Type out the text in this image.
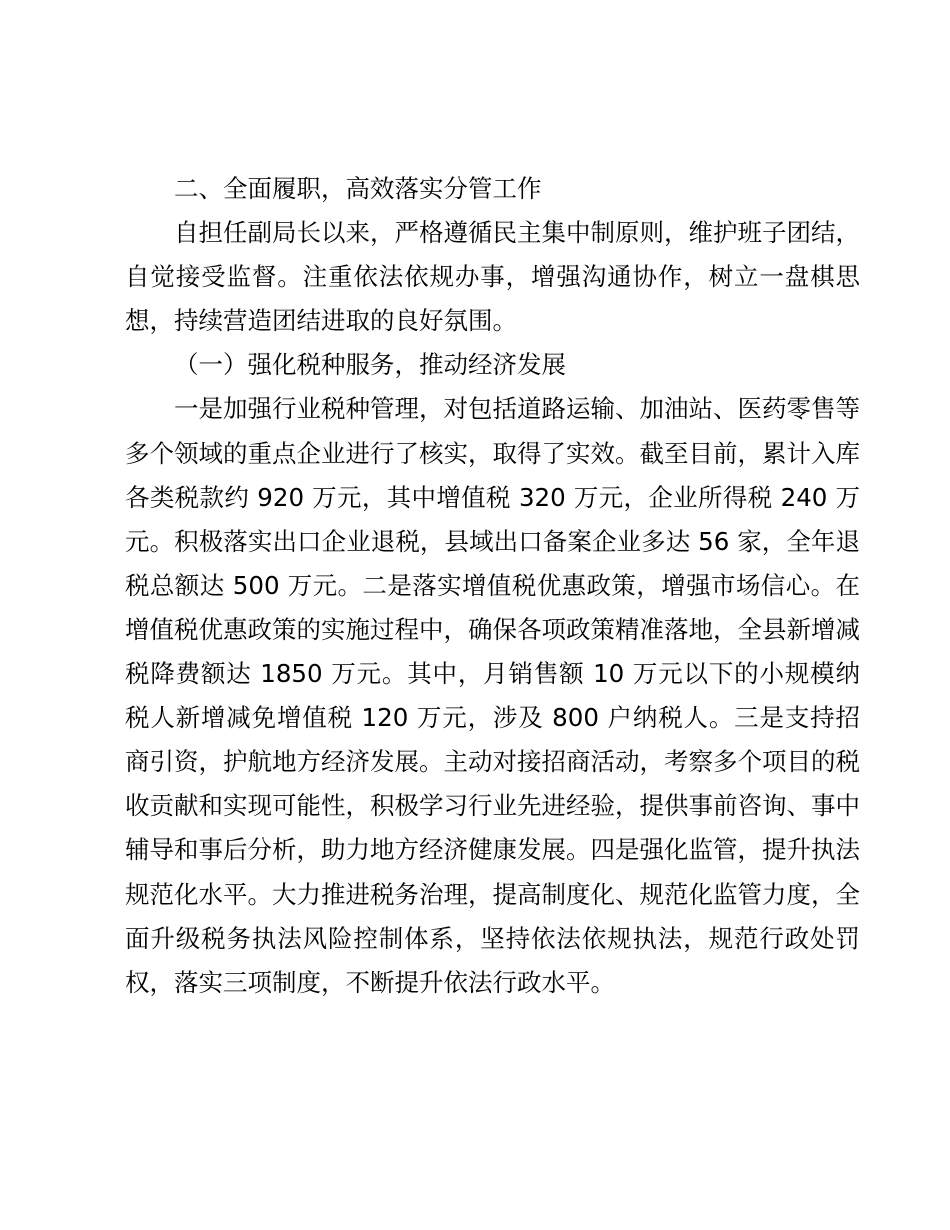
二、全面履职，高效落实分管工作

自担任副局长以来，严格遵循民主集中制原则，维护班子团结，自觉接受监督。注重依法依规办事，增强沟通协作，树立一盘棋思想，持续营造团结进取的良好氛围。

（一）强化税种服务，推动经济发展

一是加强行业税种管理，对包括道路运输、加油站、医药零售等多个领域的重点企业进行了核实，取得了实效。截至目前，累计入库各类税款约 920 万元，其中增值税 320 万元，企业所得税 240 万元。积极落实出口企业退税，县域出口备案企业多达 56 家，全年退税总额达 500 万元。二是落实增值税优惠政策，增强市场信心。在增值税优惠政策的实施过程中，确保各项政策精准落地，全县新增减税降费额达 1850 万元。其中，月销售额 10 万元以下的小规模纳税人新增减免增值税 120 万元，涉及 800 户纳税人。三是支持招商引资，护航地方经济发展。主动对接招商活动，考察多个项目的税收贡献和实现可能性，积极学习行业先进经验，提供事前咨询、事中辅导和事后分析，助力地方经济健康发展。四是强化监管，提升执法规范化水平。大力推进税务治理，提高制度化、规范化监管力度，全面升级税务执法风险控制体系，坚持依法依规执法，规范行政处罚权，落实三项制度，不断提升依法行政水平。
